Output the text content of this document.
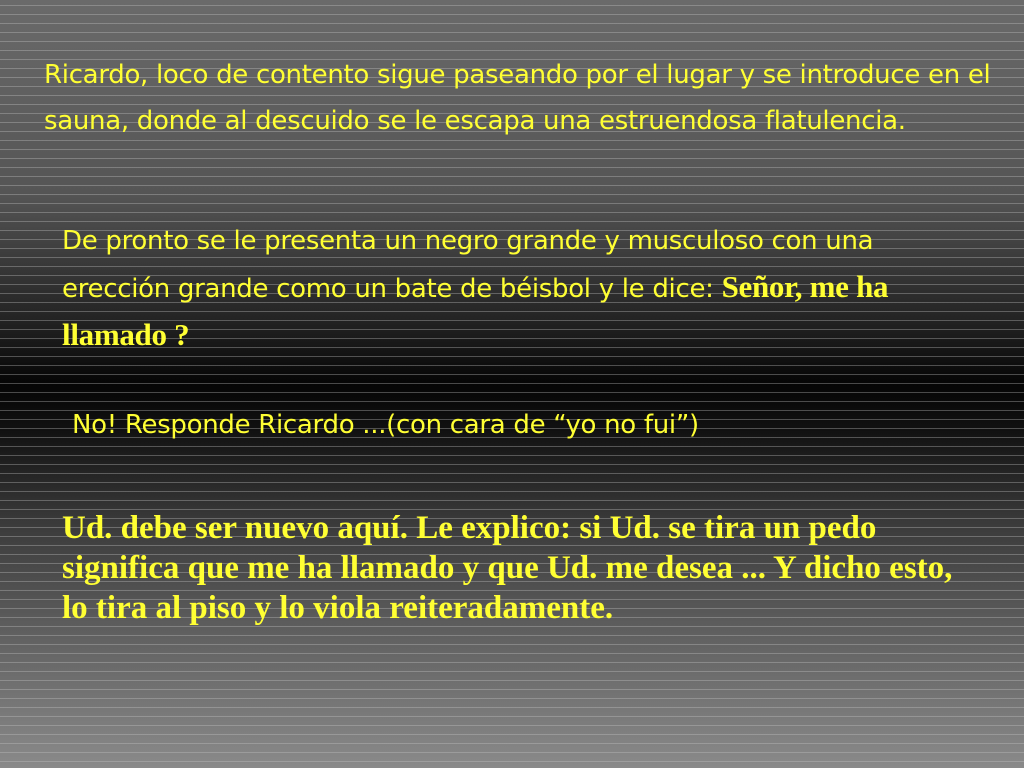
Ricardo, loco de contento sigue paseando por el lugar y se introduce en el sauna, donde al descuido se le escapa una estruendosa flatulencia.

De pronto se le presenta un negro grande y musculoso con una erección grande como un bate de béisbol y le dice: Señor, me ha llamado ?

No! Responde Ricardo ...(con cara de “yo no fui”)

Ud. debe ser nuevo aquí. Le explico: si Ud. se tira un pedo significa que me ha llamado y que Ud. me desea ... Y dicho esto, lo tira al piso y lo viola reiteradamente.
